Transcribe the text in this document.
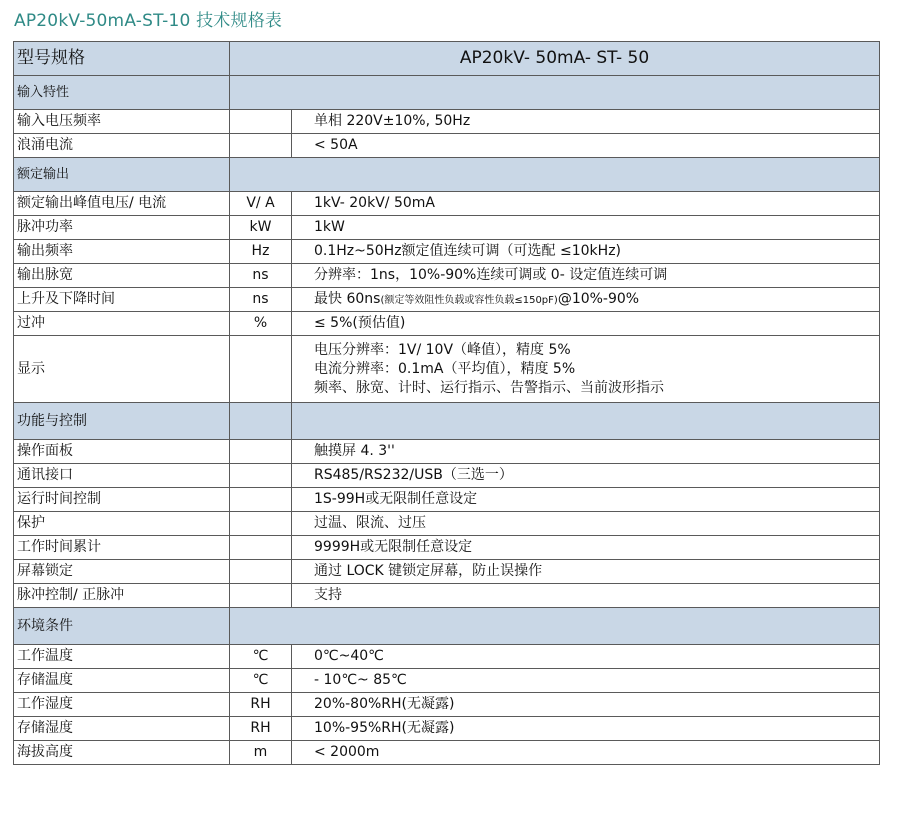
AP20kV-50mA-ST-10 技术规格表
型号规格	AP20kV- 50mA- ST- 50	
输入特性		
输入电压频率		单相 220V±10%, 50Hz
浪涌电流		< 50A
额定输出		
额定输出峰值电压/ 电流	V/ A	1kV- 20kV/ 50mA
脉冲功率	kW	1kW
输出频率	Hz	0.1Hz~50Hz额定值连续可调（可选配 ≤10kHz)
输出脉宽	ns	分辨率：1ns，10%-90%连续可调或 0- 设定值连续可调
上升及下降时间	ns	最快 60ns(额定等效阻性负载或容性负载≤150pF)@10%-90%
过冲	%	≤ 5%(预估值)
显示		电压分辨率：1V/ 10V（峰值），精度 5%
电流分辨率：0.1mA（平均值），精度 5%
频率、脉宽、计时、运行指示、告警指示、当前波形指示

功能与控制		
操作面板		触摸屏 4. 3''
通讯接口		RS485/RS232/USB（三选一）
运行时间控制		1S-99H或无限制任意设定
保护		过温、限流、过压
工作时间累计		9999H或无限制任意设定
屏幕锁定		通过 LOCK 键锁定屏幕，防止误操作
脉冲控制/ 正脉冲		支持
环境条件		
工作温度	℃	0℃~40℃
存储温度	℃	- 10℃~ 85℃
工作湿度	RH	20%-80%RH(无凝露)
存储湿度	RH	10%-95%RH(无凝露)
海拔高度	m	< 2000m
